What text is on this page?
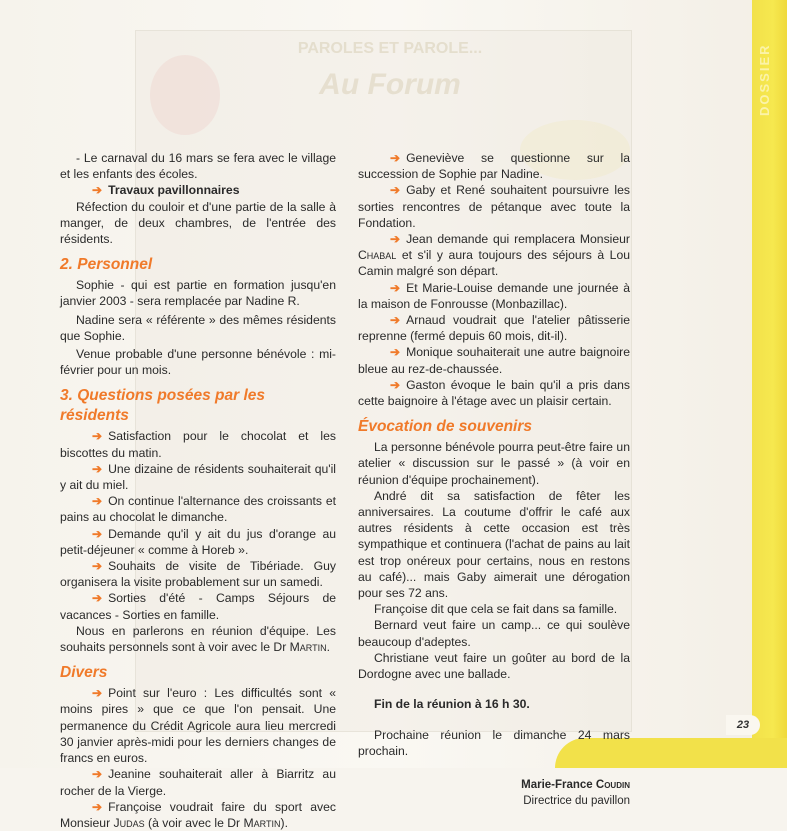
PAROLES ET PAROLE...
Au Forum	DOSSIER
23

- Le carnaval du 16 mars se fera avec le village et les enfants des écoles.

➔ Travaux pavillonnaires

Réfection du couloir et d'une partie de la salle à manger, de deux chambres, de l'entrée des résidents.

2. Personnel

Sophie - qui est partie en formation jusqu'en janvier 2003 - sera remplacée par Nadine R.

Nadine sera « référente » des mêmes résidents que Sophie.

Venue probable d'une personne bénévole : mi-février pour un mois.

3. Questions posées par les résidents

➔ Satisfaction pour le chocolat et les biscottes du matin.

➔ Une dizaine de résidents souhaiterait qu'il y ait du miel.

➔ On continue l'alternance des croissants et pains au chocolat le dimanche.

➔ Demande qu'il y ait du jus d'orange au petit-déjeuner « comme à Horeb ».

➔ Souhaits de visite de Tibériade. Guy organisera la visite probablement sur un samedi.

➔ Sorties d'été - Camps Séjours de vacances - Sorties en famille.

Nous en parlerons en réunion d'équipe. Les souhaits personnels sont à voir avec le Dr Martin.

Divers

➔ Point sur l'euro : Les difficultés sont « moins pires » que ce que l'on pensait. Une permanence du Crédit Agricole aura lieu mercredi 30 janvier après-midi pour les derniers changes de francs en euros.

➔ Jeanine souhaiterait aller à Biarritz au rocher de la Vierge.

➔ Françoise voudrait faire du sport avec Monsieur Judas (à voir avec le Dr Martin).

➔ Geneviève se questionne sur la succession de Sophie par Nadine.

➔ Gaby et René souhaitent poursuivre les sorties rencontres de pétanque avec toute la Fondation.

➔ Jean demande qui remplacera Monsieur Chabal et s'il y aura toujours des séjours à Lou Camin malgré son départ.

➔ Et Marie-Louise demande une journée à la maison de Fonrousse (Monbazillac).

➔ Arnaud voudrait que l'atelier pâtisserie reprenne (fermé depuis 60 mois, dit-il).

➔ Monique souhaiterait une autre baignoire bleue au rez-de-chaussée.

➔ Gaston évoque le bain qu'il a pris dans cette baignoire à l'étage avec un plaisir certain.

Évocation de souvenirs

La personne bénévole pourra peut-être faire un atelier « discussion sur le passé » (à voir en réunion d'équipe prochainement).

André dit sa satisfaction de fêter les anniversaires. La coutume d'offrir le café aux autres résidents à cette occasion est très sympathique et continuera (l'achat de pains au lait est trop onéreux pour certains, nous en restons au café)... mais Gaby aimerait une dérogation pour ses 72 ans.

Françoise dit que cela se fait dans sa famille.

Bernard veut faire un camp... ce qui soulève beaucoup d'adeptes.

Christiane veut faire un goûter au bord de la Dordogne avec une ballade.

Fin de la réunion à 16 h 30.

Prochaine réunion le dimanche 24 mars prochain.

Marie-France Coudin
Directrice du pavillon
